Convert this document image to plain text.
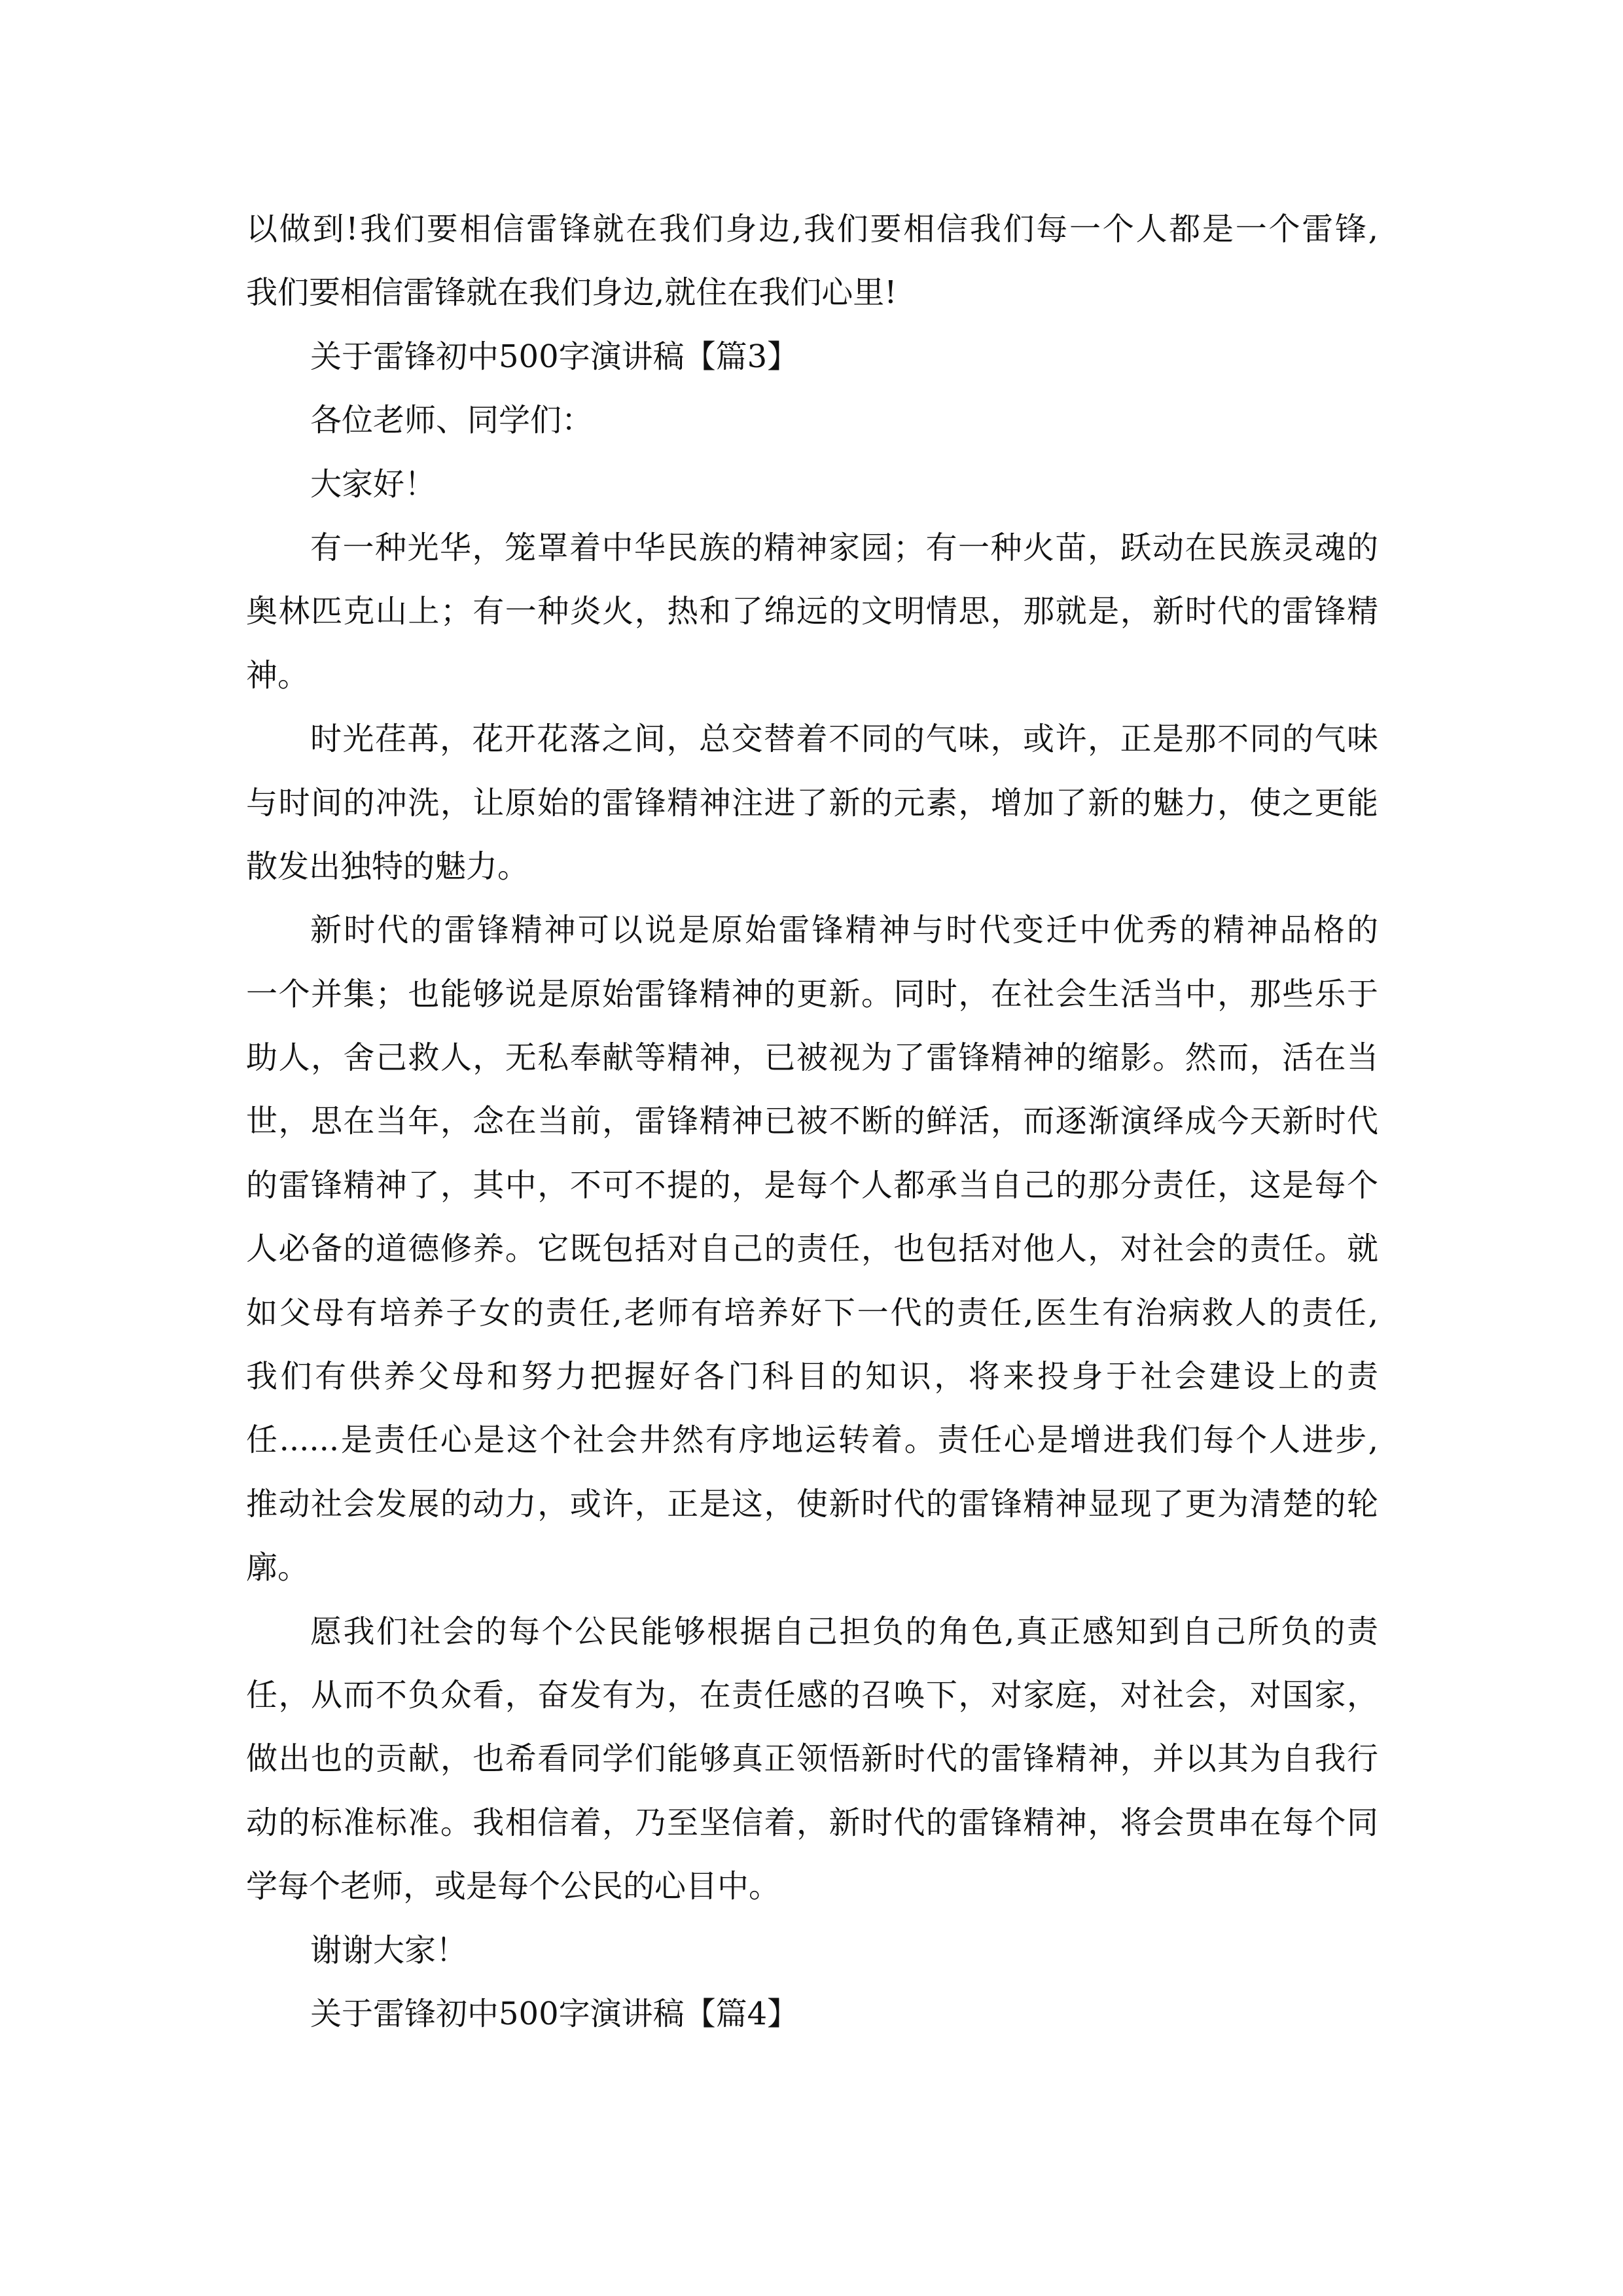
以做到!我们要相信雷锋就在我们身边,我们要相信我们每一个人都是一个雷锋,
我们要相信雷锋就在我们身边,就住在我们心里!
关于雷锋初中500字演讲稿【篇3】
各位老师、同学们：
大家好！
有一种光华，笼罩着中华民族的精神家园；有一种火苗，跃动在民族灵魂的
奥林匹克山上；有一种炎火，热和了绵远的文明情思，那就是，新时代的雷锋精
神。
时光荏苒，花开花落之间，总交替着不同的气味，或许，正是那不同的气味
与时间的冲洗，让原始的雷锋精神注进了新的元素，增加了新的魅力，使之更能
散发出独特的魅力。
新时代的雷锋精神可以说是原始雷锋精神与时代变迁中优秀的精神品格的
一个并集；也能够说是原始雷锋精神的更新。同时，在社会生活当中，那些乐于
助人，舍己救人，无私奉献等精神，已被视为了雷锋精神的缩影。然而，活在当
世，思在当年，念在当前，雷锋精神已被不断的鲜活，而逐渐演绎成今天新时代
的雷锋精神了，其中，不可不提的，是每个人都承当自己的那分责任，这是每个
人必备的道德修养。它既包括对自己的责任，也包括对他人，对社会的责任。就
如父母有培养子女的责任,老师有培养好下一代的责任,医生有治病救人的责任,
我们有供养父母和努力把握好各门科目的知识，将来投身于社会建设上的责
任......是责任心是这个社会井然有序地运转着。责任心是增进我们每个人进步,
推动社会发展的动力，或许，正是这，使新时代的雷锋精神显现了更为清楚的轮
廓。
愿我们社会的每个公民能够根据自己担负的角色,真正感知到自己所负的责
任，从而不负众看，奋发有为，在责任感的召唤下，对家庭，对社会，对国家，
做出也的贡献，也希看同学们能够真正领悟新时代的雷锋精神，并以其为自我行
动的标准标准。我相信着，乃至坚信着，新时代的雷锋精神，将会贯串在每个同
学每个老师，或是每个公民的心目中。
谢谢大家！
关于雷锋初中500字演讲稿【篇4】
